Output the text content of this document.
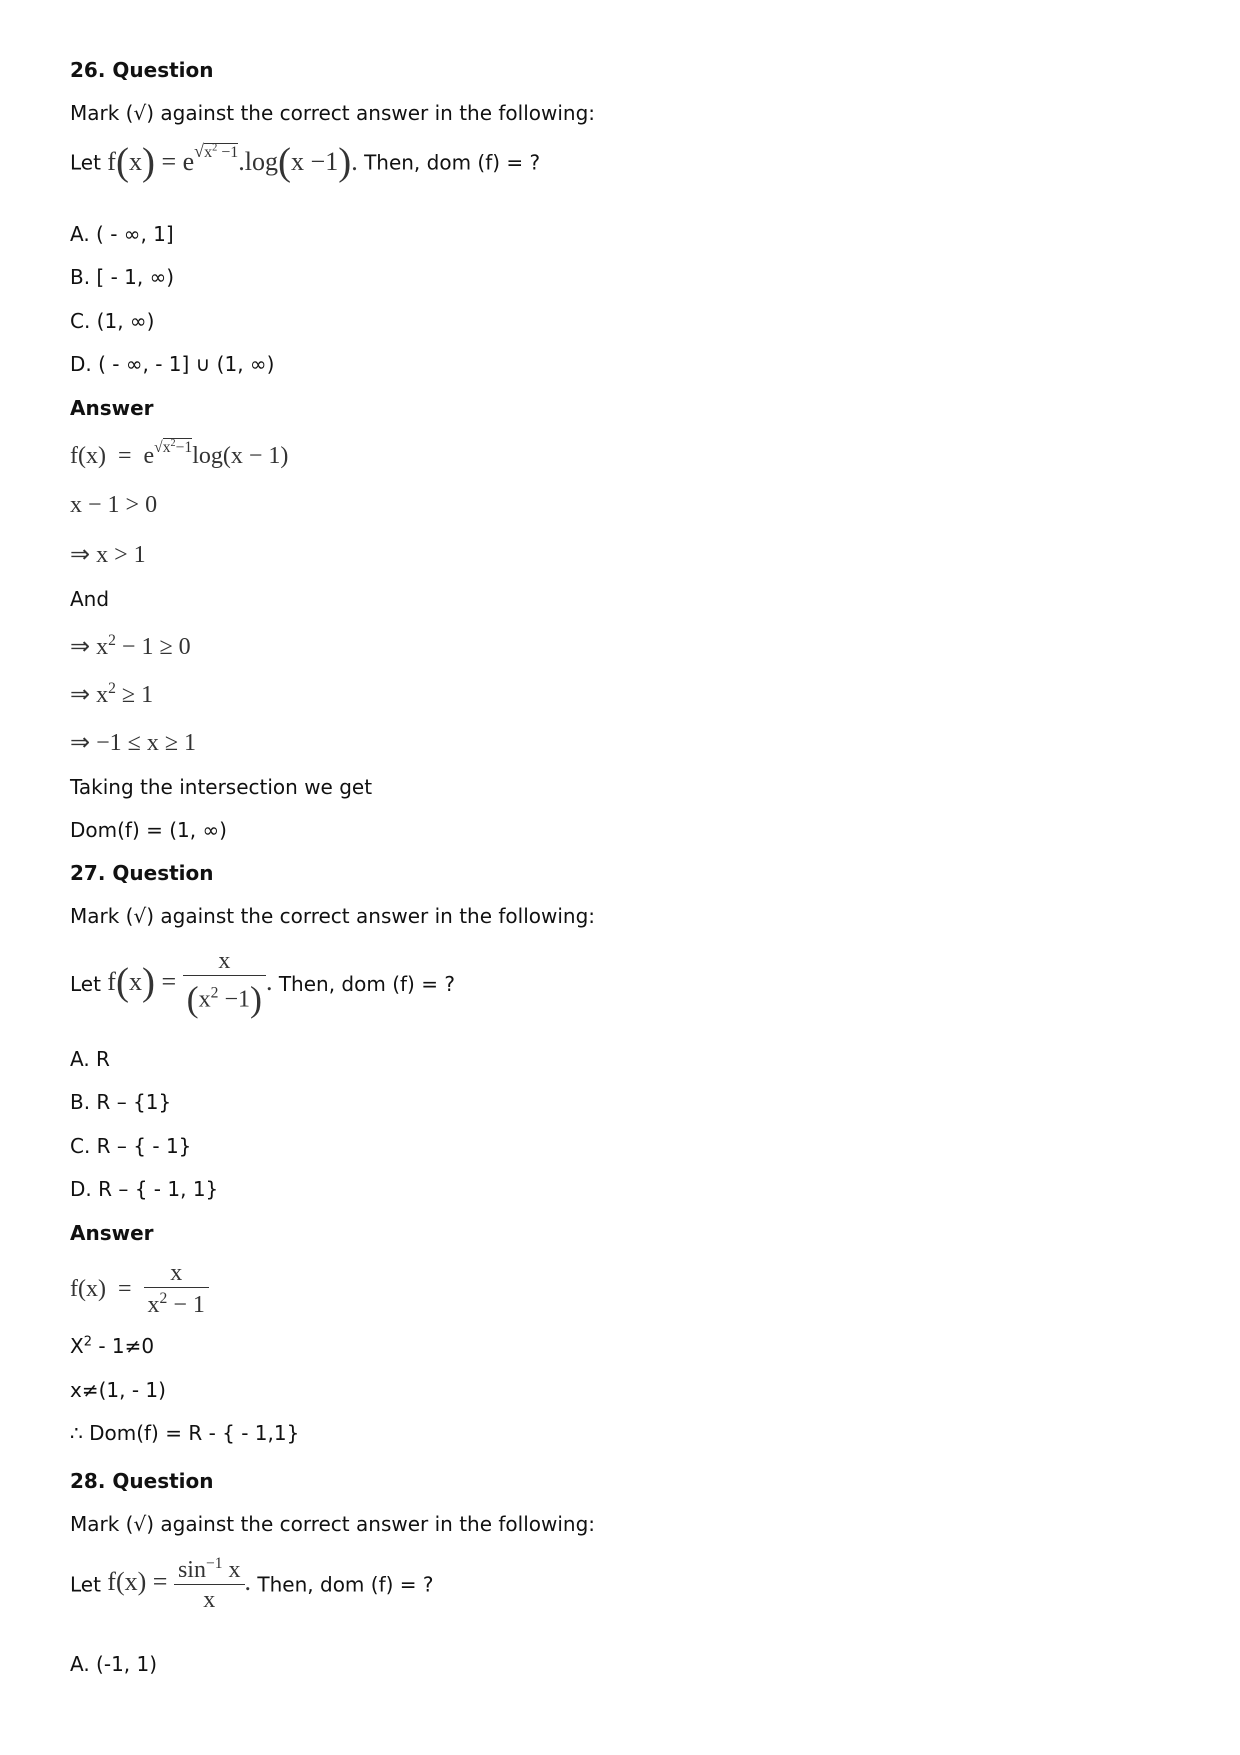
26. Question
Mark (√) against the correct answer in the following:
Let $f(x) = e^{√x^2 -1}.\log(x -1)$. Then, dom (f) = ?
A. ( - ∞, 1]
B. [ - 1, ∞)
C. (1, ∞)
D. ( - ∞, - 1] ∪ (1, ∞)
Answer
$f(x) = e^{√x^2-1}\log(x - 1)$
x − 1 > 0
⇒ x > 1
And
⇒ $x^2 - 1 \ge 0$
⇒ $x^2 \ge 1$
⇒ −1 ≤ x ≥ 1
Taking the intersection we get
Dom(f) = (1, ∞)
27. Question
Mark (√) against the correct answer in the following:
Let $f(x) = \frac{x}{(x^2 -1)}$ . Then, dom (f) = ?
A. R
B. R – {1}
C. R – { - 1}
D. R – { - 1, 1}
Answer
$f(x) = \frac{x}{x^2 - 1}$
$X^2 - 1\ne 0$
x≠(1, - 1)
∴ Dom(f) = R - { - 1,1}
28. Question
Mark (√) against the correct answer in the following:
Let $f(x) = \frac{\sin^{-1} x}{x}$ . Then, dom (f) = ?
A. (-1, 1)
